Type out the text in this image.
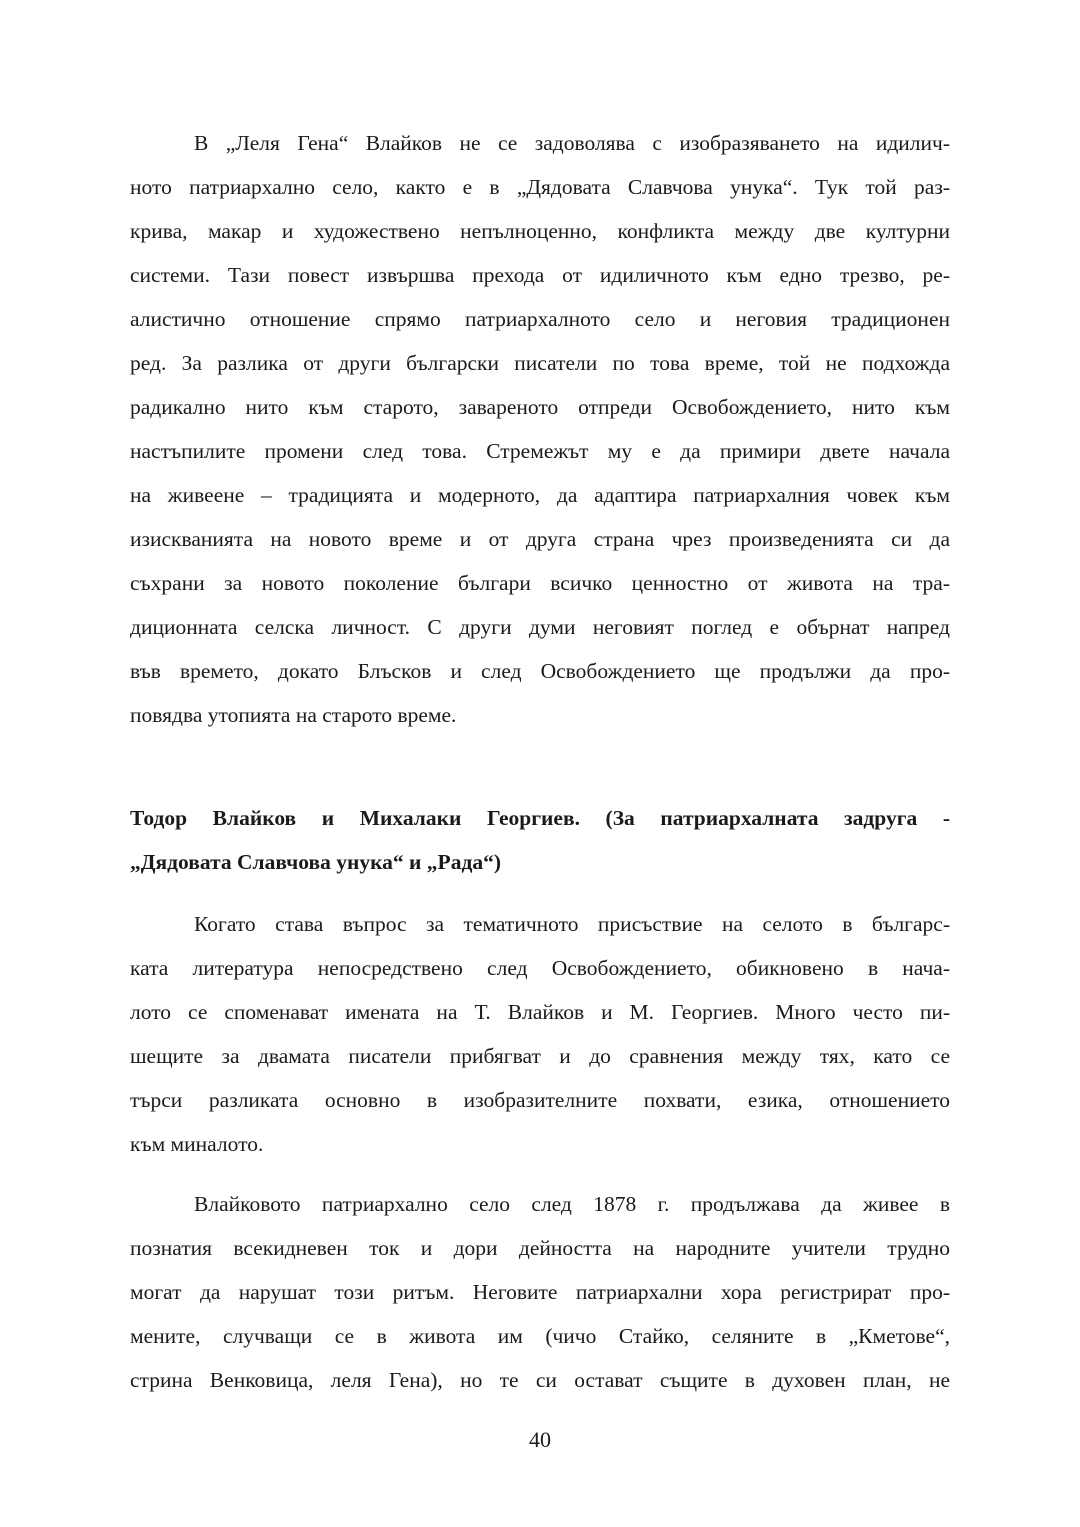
В „Леля Гена“ Влайков не се задоволява с изобразяването на идилич-
ното патриархално село, както е в „Дядовата Славчова унука“. Тук той раз-
крива, макар и художествено непълноценно, конфликта между две културни
системи. Тази повест извършва прехода от идиличното към едно трезво, ре-
алистично отношение спрямо патриархалното село и неговия традиционен
ред. За разлика от други български писатели по това време, той не подхожда
радикално нито към старото, завареното отпреди Освобождението, нито към
настъпилите промени след това. Стремежът му е да примири двете начала
на живеене – традицията и модерното, да адаптира патриархалния човек към
изискванията на новото време и от друга страна чрез произведенията си да
съхрани за новото поколение българи всичко ценностно от живота на тра-
диционната селска личност. С други думи неговият поглед е обърнат напред
във времето, докато Блъсков и след Освобождението ще продължи да про-
повядва утопията на старото време.
Тодор Влайков и Михалаки Георгиев. (За патриархалната задруга -
„Дядовата Славчова унука“ и „Рада“)
Когато става въпрос за тематичното присъствие на селото в българс-
ката литература непосредствено след Освобождението, обикновено в нача-
лото се споменават имената на Т. Влайков и М. Георгиев. Много често пи-
шещите за двамата писатели прибягват и до сравнения между тях, като се
търси разликата основно в изобразителните похвати, езика, отношението
към миналото.
Влайковото патриархално село след 1878 г. продължава да живее в
познатия всекидневен ток и дори дейността на народните учители трудно
могат да нарушат този ритъм. Неговите патриархални хора регистрират про-
мените, случващи се в живота им (чичо Стайко, селяните в „Кметове“,
стрина Венковица, леля Гена), но те си остават същите в духовен план, не
40
